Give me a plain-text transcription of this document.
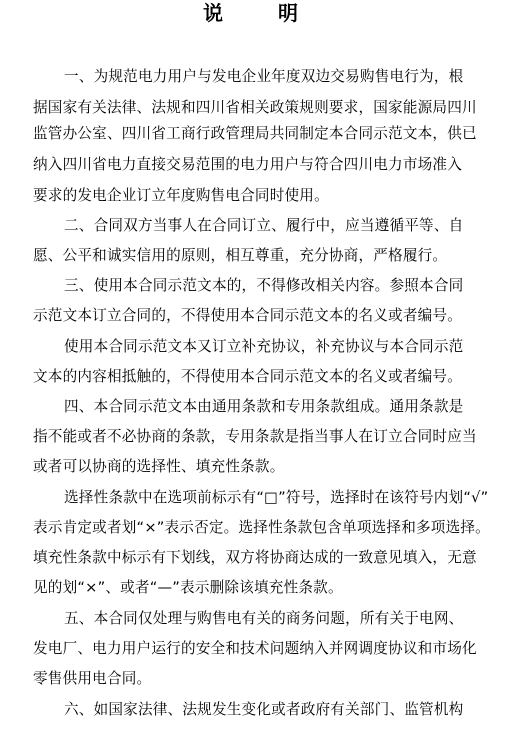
说 明
一、为规范电力用户与发电企业年度双边交易购售电行为，根
据国家有关法律、法规和四川省相关政策规则要求，国家能源局四川
监管办公室、四川省工商行政管理局共同制定本合同示范文本，供已
纳入四川省电力直接交易范围的电力用户与符合四川电力市场准入
要求的发电企业订立年度购售电合同时使用。
二、合同双方当事人在合同订立、履行中，应当遵循平等、自
愿、公平和诚实信用的原则，相互尊重，充分协商，严格履行。
三、使用本合同示范文本的，不得修改相关内容。参照本合同
示范文本订立合同的，不得使用本合同示范文本的名义或者编号。
使用本合同示范文本又订立补充协议，补充协议与本合同示范
文本的内容相抵触的，不得使用本合同示范文本的名义或者编号。
四、本合同示范文本由通用条款和专用条款组成。通用条款是
指不能或者不必协商的条款，专用条款是指当事人在订立合同时应当
或者可以协商的选择性、填充性条款。
选择性条款中在选项前标示有“□”符号，选择时在该符号内划“√”
表示肯定或者划“×”表示否定。选择性条款包含单项选择和多项选择。
填充性条款中标示有下划线，双方将协商达成的一致意见填入，无意
见的划“×”、或者“—”表示删除该填充性条款。
五、本合同仅处理与购售电有关的商务问题，所有关于电网、
发电厂、电力用户运行的安全和技术问题纳入并网调度协议和市场化
零售供用电合同。
六、如国家法律、法规发生变化或者政府有关部门、监管机构
